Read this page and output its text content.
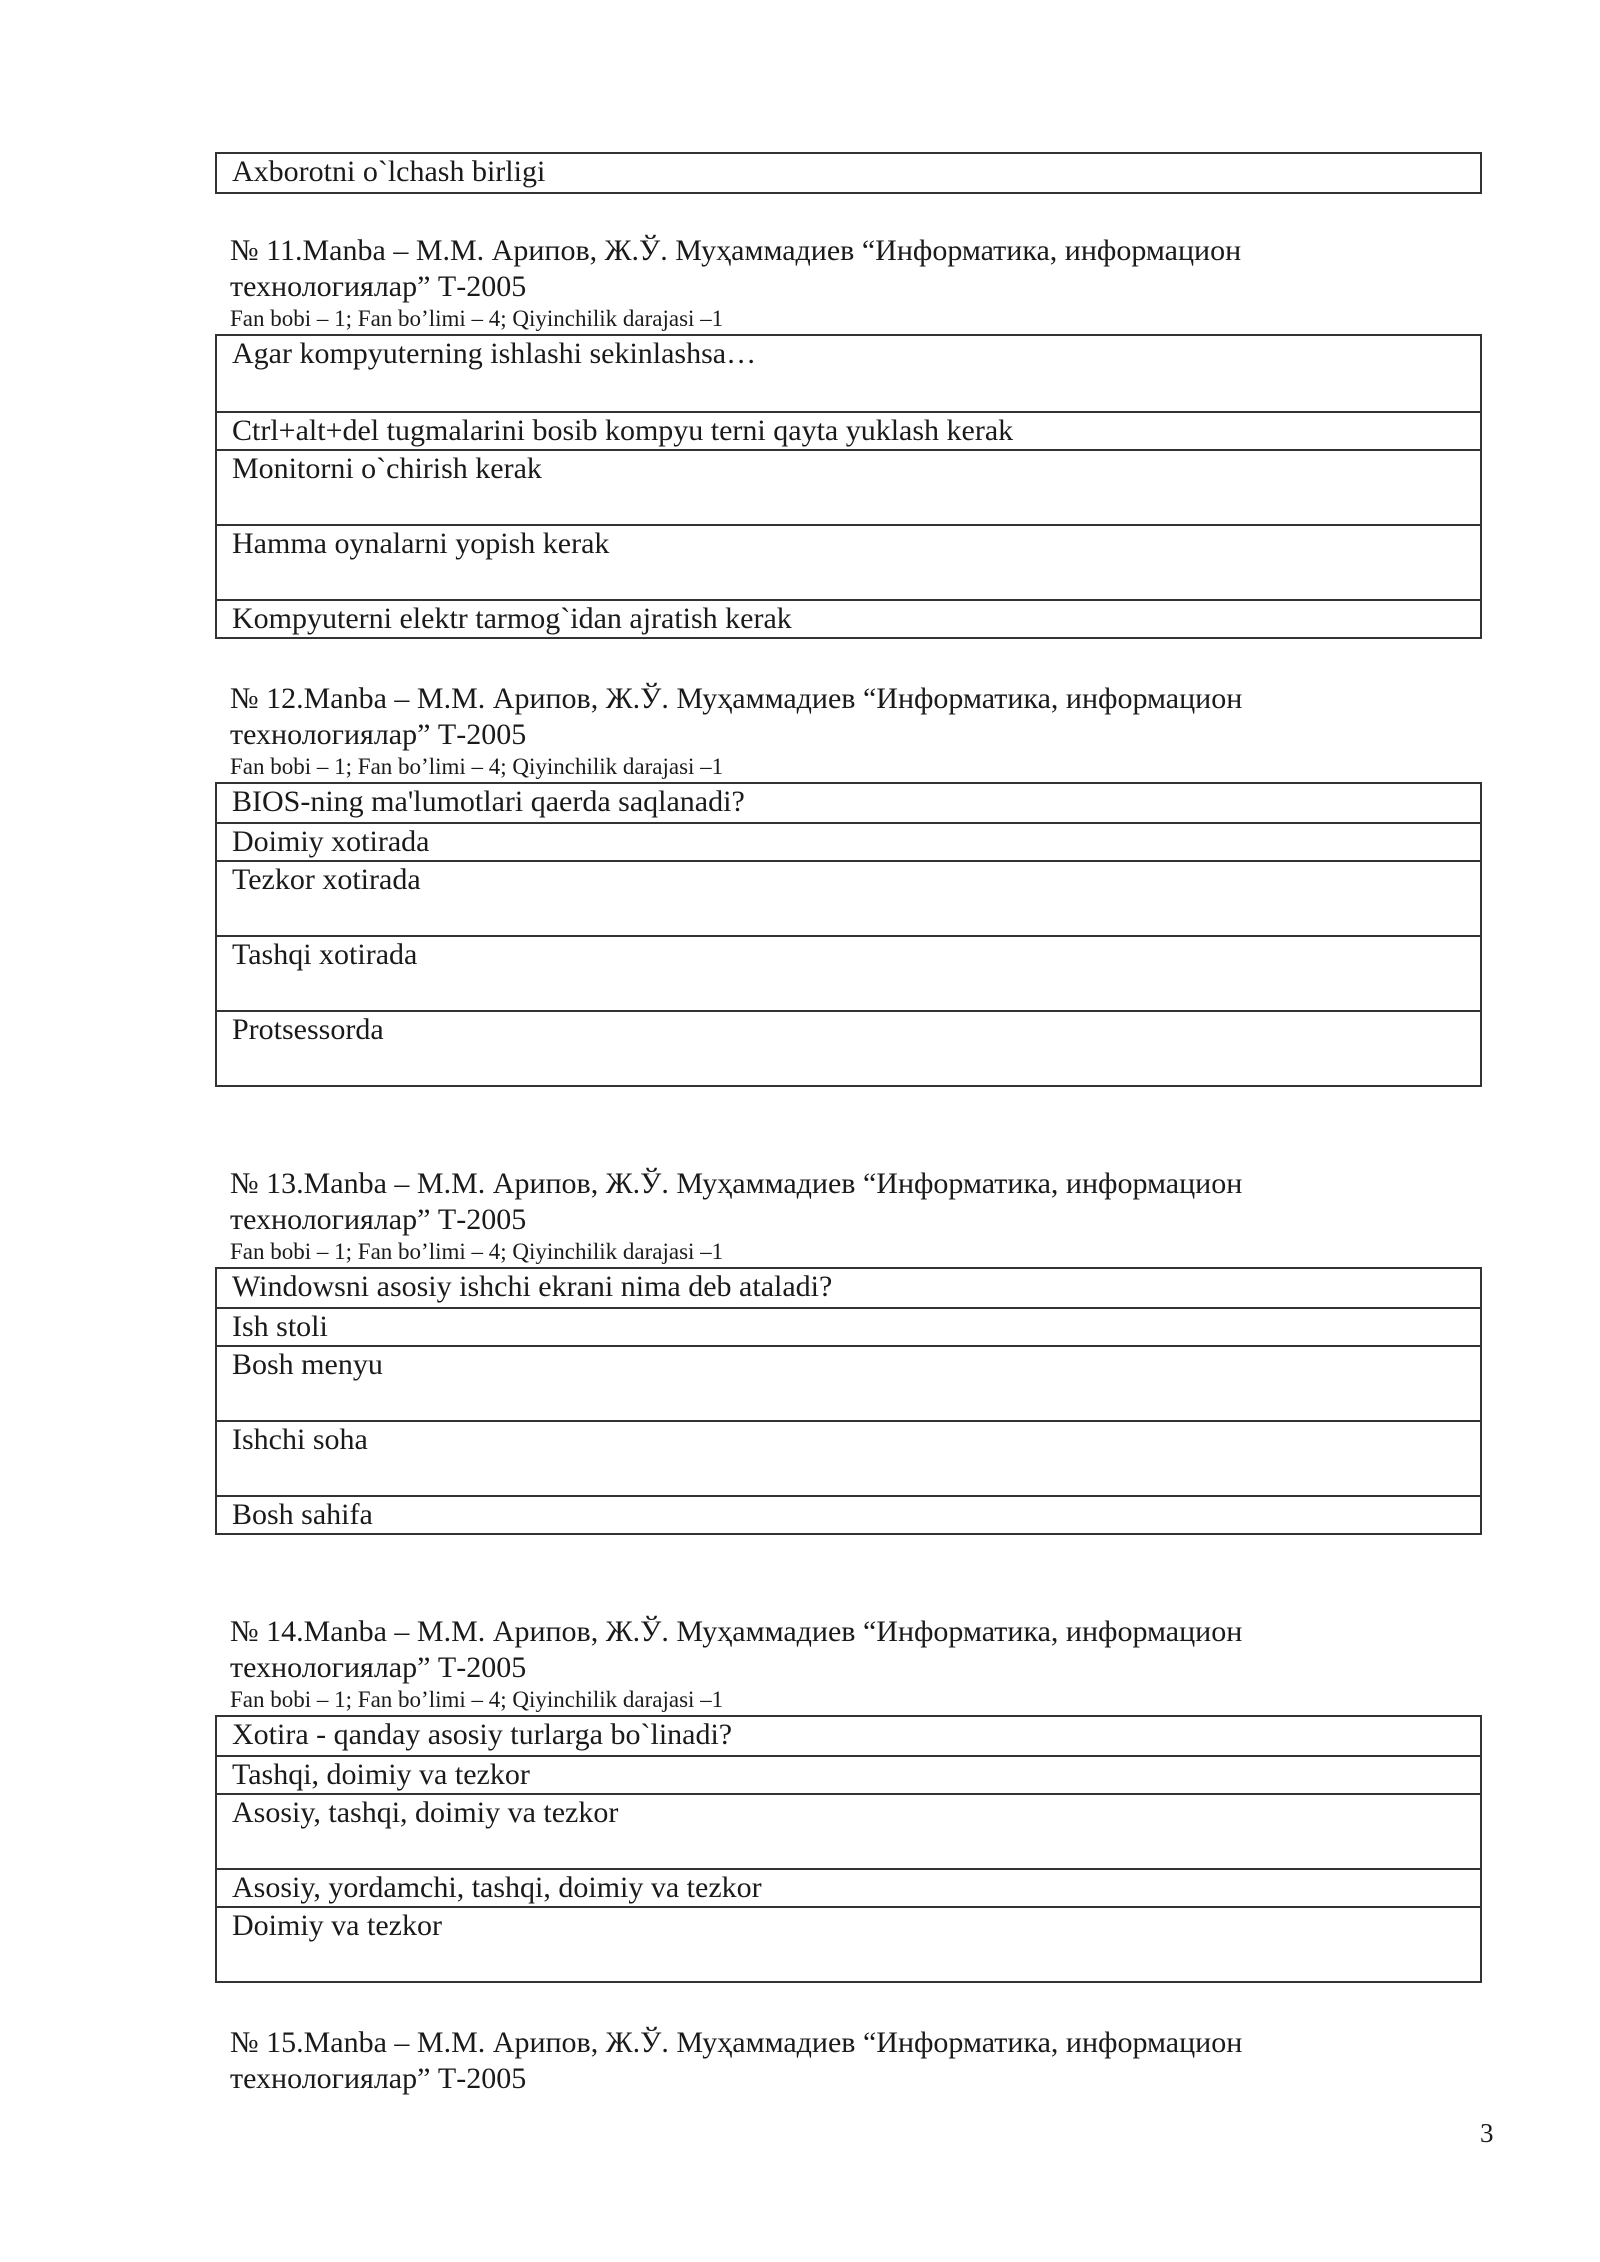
Axborotni o`lchash birligi
№ 11.Manba – М.М. Арипов, Ж.Ў. Муҳаммадиев “Информатика, информацион
технологиялар” Т-2005
Fan bobi – 1; Fan bo’limi – 4; Qiyinchilik darajasi –1
Agar kompyuterning ishlashi sekinlashsa…
Ctrl+alt+del tugmalarini bosib kompyu terni qayta yuklash kerak
Monitorni o`chirish kerak
Hamma oynalarni yopish kerak
Kompyuterni elektr tarmog`idan ajratish kerak
№ 12.Manba – М.М. Арипов, Ж.Ў. Муҳаммадиев “Информатика, информацион
технологиялар” Т-2005
Fan bobi – 1; Fan bo’limi – 4; Qiyinchilik darajasi –1
BIOS-ning ma'lumotlari qaerda saqlanadi?
Doimiy xotirada
Tezkor xotirada
Tashqi xotirada
Protsessorda
№ 13.Manba – М.М. Арипов, Ж.Ў. Муҳаммадиев “Информатика, информацион
технологиялар” Т-2005
Fan bobi – 1; Fan bo’limi – 4; Qiyinchilik darajasi –1
Windowsni asosiy ishchi ekrani nima deb ataladi?
Ish stoli
Bosh menyu
Ishchi soha
Bosh sahifa
№ 14.Manba – М.М. Арипов, Ж.Ў. Муҳаммадиев “Информатика, информацион
технологиялар” Т-2005
Fan bobi – 1; Fan bo’limi – 4; Qiyinchilik darajasi –1
Xotira - qanday asosiy turlarga bo`linadi?
Tashqi, doimiy va tezkor
Asosiy, tashqi, doimiy va tezkor
Asosiy, yordamchi, tashqi, doimiy va tezkor
Doimiy va tezkor
№ 15.Manba – М.М. Арипов, Ж.Ў. Муҳаммадиев “Информатика, информацион
технологиялар” Т-2005
3
